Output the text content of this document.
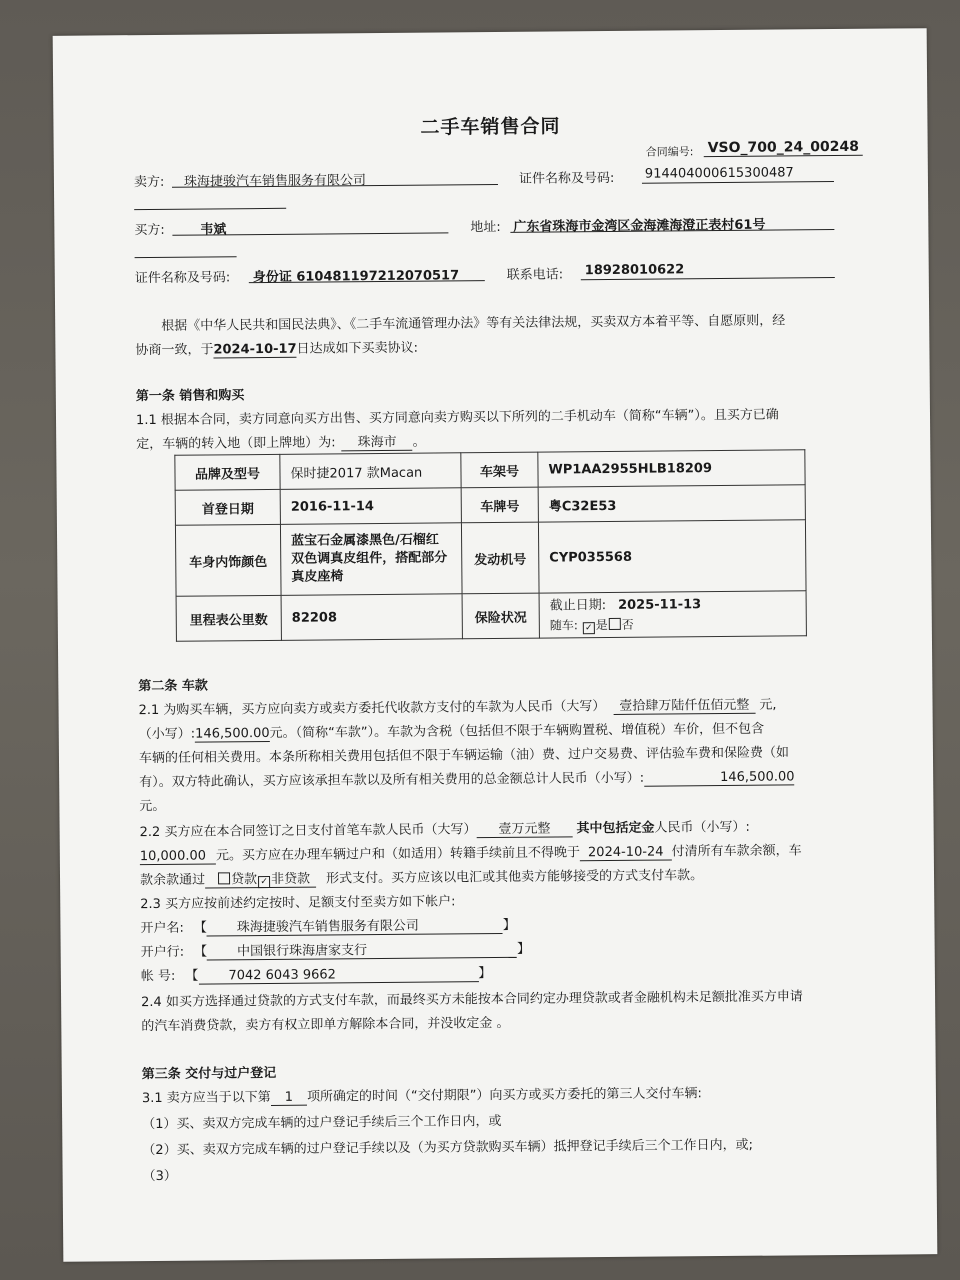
二手车销售合同
合同编号: VSO_700_24_00248
卖方: 珠海捷骏汽车销售服务有限公司	证件名称及号码: 914404000615300487
买方:	韦斌	地址: 广东省珠海市金湾区金海滩海澄正表村61号
证件名称及号码: 身份证 610481197212070517	联系电话: 18928010622
根据《中华人民共和国民法典》、《二手车流通管理办法》等有关法律法规，买卖双方本着平等、自愿原则，经
协商一致，于2024-10-17日达成如下买卖协议:
第一条 销售和购买
1.1 根据本合同，卖方同意向买方出售、买方同意向卖方购买以下所列的二手机动车（简称“车辆”）。且买方已确
定，车辆的转入地（即上牌地）为: 珠海市 。
品牌及型号	保时捷2017 款Macan	车架号	WP1AA2955HLB18209
首登日期	2016-11-14	车牌号	粤C32E53
车身内饰颜色	蓝宝石金属漆黑色/石榴红双色调真皮组件，搭配部分真皮座椅	发动机号	CYP035568
里程表公里数	82208	保险状况	截止日期: 2025-11-13
随车: ✓ 是 否
第二条 车款
2.1 为购买车辆，买方应向卖方或卖方委托代收款方支付的车款为人民币（大写） 壹拾肆万陆仟伍佰元整 元,
（小写）:146,500.00元。（简称“车款”）。车款为含税（包括但不限于车辆购置税、增值税）车价，但不包含
车辆的任何相关费用。本条所称相关费用包括但不限于车辆运输（油）费、过户交易费、评估验车费和保险费（如
有）。双方特此确认，买方应该承担车款以及所有相关费用的总金额总计人民币（小写）:	146,500.00
元。
2.2 买方应在本合同签订之日支付首笔车款人民币（大写） 壹万元整 其中包括定金人民币（小写）:
10,000.00 元。买方应在办理车辆过户和（如适用）转籍手续前且不得晚于 2024-10-24 付清所有车款余额，车
款余款通过 贷款 ✓ 非贷款 形式支付。买方应该以电汇或其他卖方能够接受的方式支付车款。
2.3 买方应按前述约定按时、足额支付至卖方如下帐户:
开户名: 【 珠海捷骏汽车销售服务有限公司	】
开户行: 【 中国银行珠海唐家支行	】
帐 号: 【 7042 6043 9662	】
2.4 如买方选择通过贷款的方式支付车款，而最终买方未能按本合同约定办理贷款或者金融机构未足额批准买方申请
的汽车消费贷款，卖方有权立即单方解除本合同，并没收定金 。
第三条 交付与过户登记
3.1 卖方应当于以下第 1 项所确定的时间（“交付期限”）向买方或买方委托的第三人交付车辆:
（1）买、卖双方完成车辆的过户登记手续后三个工作日内，或
（2）买、卖双方完成车辆的过户登记手续以及（为买方贷款购买车辆）抵押登记手续后三个工作日内，或;
（3）
